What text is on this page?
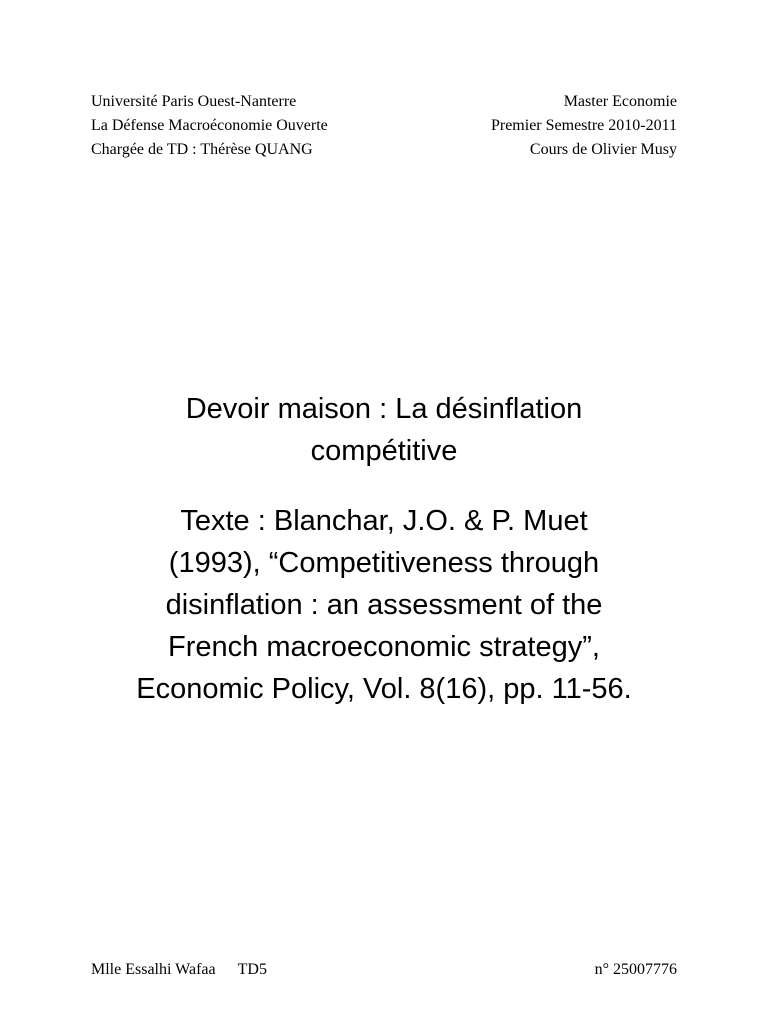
Université Paris Ouest-Nanterre
La Défense Macroéconomie Ouverte
Chargée de TD : Thérèse QUANG
Master Economie
Premier Semestre 2010-2011
Cours de Olivier Musy
Devoir maison : La désinflation
compétitive

Texte : Blanchar, J.O. & P. Muet
(1993), “Competitiveness through
disinflation : an assessment of the
French macroeconomic strategy”,
Economic Policy, Vol. 8(16), pp. 11-56.

Mlle Essalhi Wafaa TD5	n° 25007776
